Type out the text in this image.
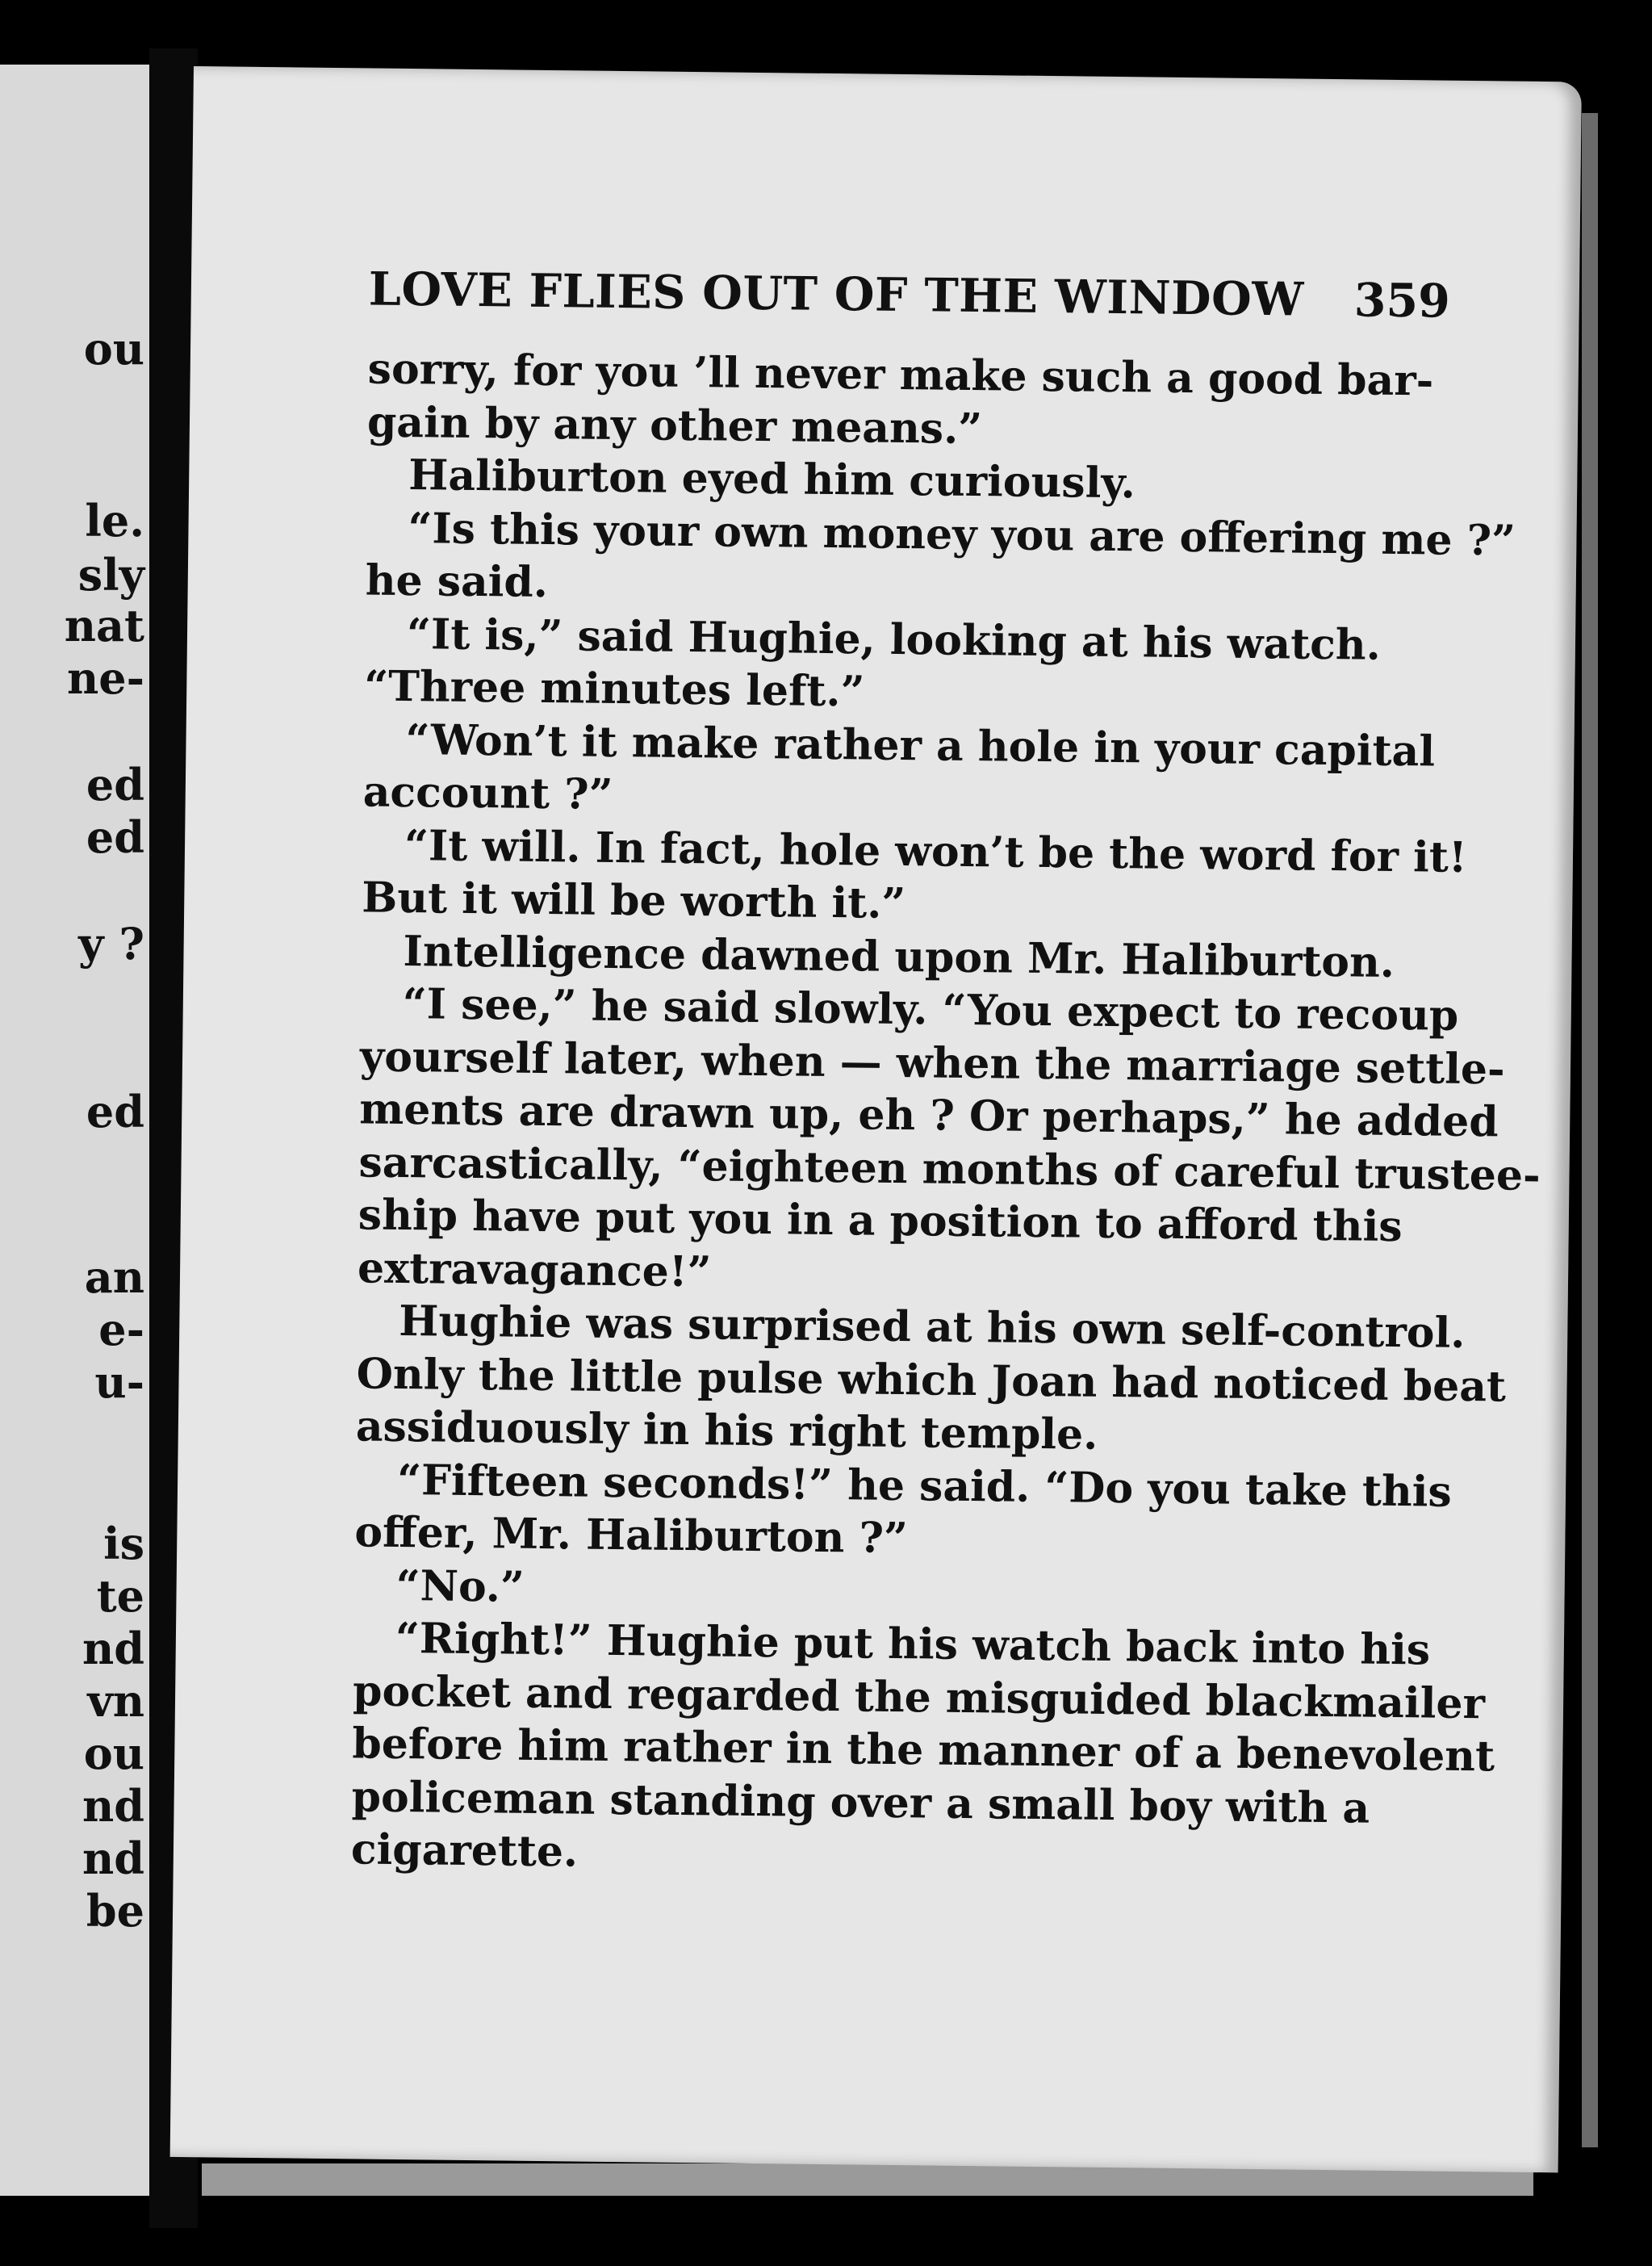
ou
le.
sly
nat
ne-
ed
ed
y ?
ed
an
e-
u-
is
te
nd
vn
ou
nd
nd
be
LOVE FLIES OUT OF THE WINDOW 359
sorry, for you ’ll never make such a good bar-
gain by any other means.”
Haliburton eyed him curiously.
“Is this your own money you are offering me ?”
he said.
“It is,” said Hughie, looking at his watch.
“Three minutes left.”
“Won’t it make rather a hole in your capital
account ?”
“It will. In fact, hole won’t be the word for it!
But it will be worth it.”
Intelligence dawned upon Mr. Haliburton.
“I see,” he said slowly. “You expect to recoup
yourself later, when — when the marriage settle-
ments are drawn up, eh ? Or perhaps,” he added
sarcastically, “eighteen months of careful trustee-
ship have put you in a position to afford this
extravagance!”
Hughie was surprised at his own self-control.
Only the little pulse which Joan had noticed beat
assiduously in his right temple.
“Fifteen seconds!” he said. “Do you take this
offer, Mr. Haliburton ?”
“No.”
“Right!” Hughie put his watch back into his
pocket and regarded the misguided blackmailer
before him rather in the manner of a benevolent
policeman standing over a small boy with a
cigarette.
